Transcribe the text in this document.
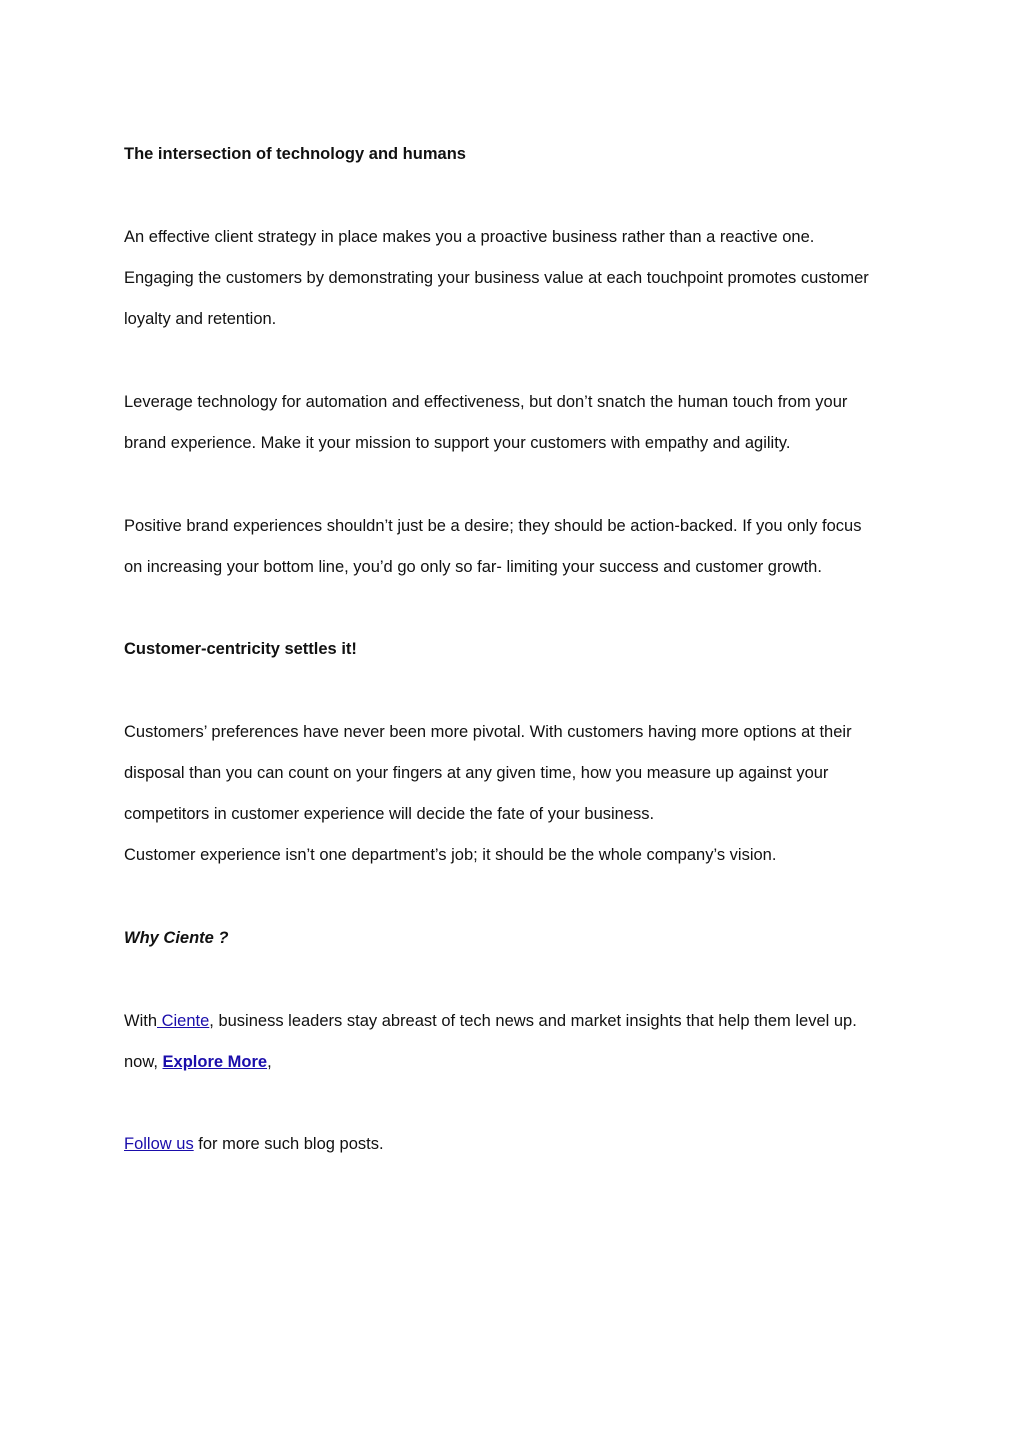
The intersection of technology and humans
An effective client strategy in place makes you a proactive business rather than a reactive one.
Engaging the customers by demonstrating your business value at each touchpoint promotes customer
loyalty and retention.
Leverage technology for automation and effectiveness, but don’t snatch the human touch from your
brand experience. Make it your mission to support your customers with empathy and agility.
Positive brand experiences shouldn’t just be a desire; they should be action-backed. If you only focus
on increasing your bottom line, you’d go only so far- limiting your success and customer growth.
Customer-centricity settles it!
Customers’ preferences have never been more pivotal. With customers having more options at their
disposal than you can count on your fingers at any given time, how you measure up against your
competitors in customer experience will decide the fate of your business.
Customer experience isn’t one department’s job; it should be the whole company’s vision.
Why Ciente ?
With Ciente, business leaders stay abreast of tech news and market insights that help them level up.
now, Explore More,
Follow us for more such blog posts.
